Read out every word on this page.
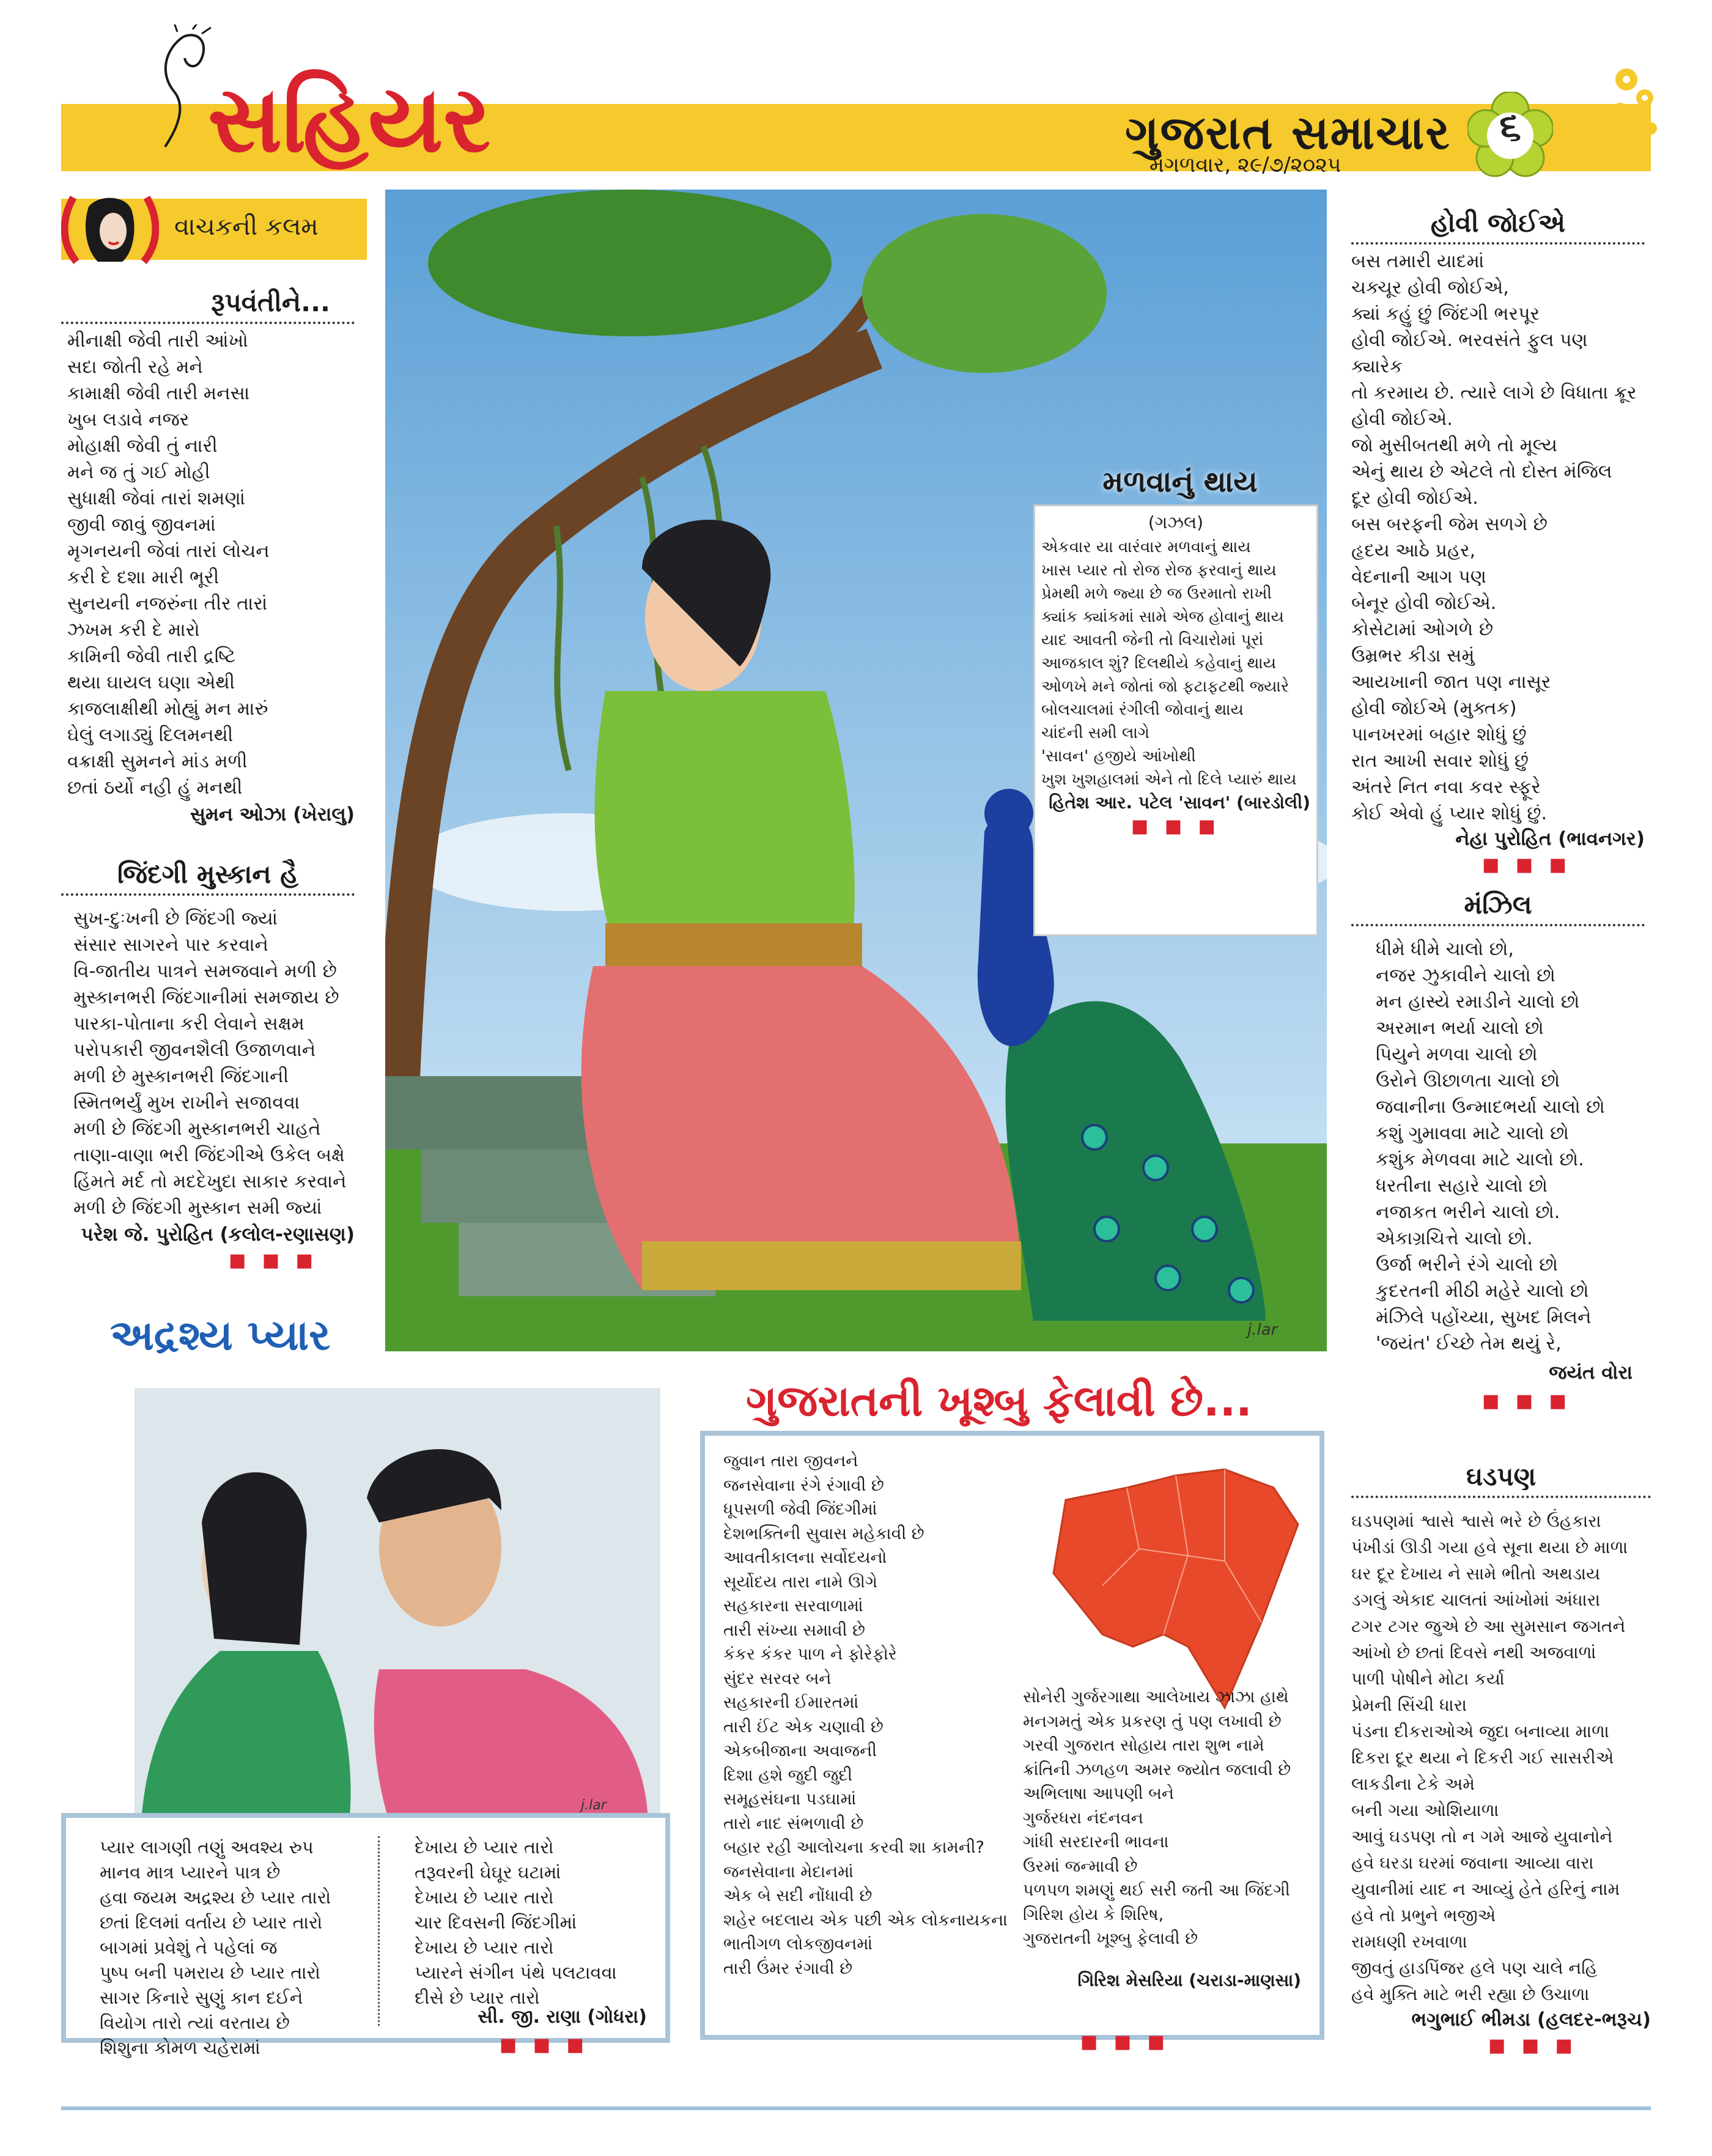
સહિયર	ગુજરાત સમાચાર
મંગળવાર, ૨૯/૭/૨૦૨૫
૬
વાચકની કલમ
રૂપવંતીને...
મીનાક્ષી જેવી તારી આંખો
સદા જોતી રહે મને
કામાક્ષી જેવી તારી મનસા
ખુબ લડાવે નજર
મોહાક્ષી જેવી તું નારી
મને જ તું ગઈ મોહી
સુધાક્ષી જેવાં તારાં શમણાં
જીવી જાવું જીવનમાં
મૃગનયની જેવાં તારાં લોચન
કરી દે દશા મારી ભૂરી
સુનયની નજરુંના તીર તારાં
ઝખમ કરી દે મારો
કામિની જેવી તારી દ્રષ્ટિ
થયા ઘાયલ ઘણા એથી
કાજલાક્ષીથી મોહ્યું મન મારું
ઘેલું લગાડ્યું દિલમનથી
વક્રાક્ષી સુમનને માંડ મળી
છતાં ઠર્યો નહી હું મનથી
સુમન ઓઝા (ખેરાલુ)
જિંદગી મુસ્કાન હૈ
સુખ-દુઃખની છે જિંદગી જ્યાં
સંસાર સાગરને પાર કરવાને
વિ-જાતીય પાત્રને સમજવાને મળી છે
મુસ્કાનભરી જિંદગાનીમાં સમજાય છે
પારકા-પોતાના કરી લેવાને સક્ષમ
પરોપકારી જીવનશૈલી ઉજાળવાને
મળી છે મુસ્કાનભરી જિંદગાની
સ્મિતભર્યું મુખ રાખીને સજાવવા
મળી છે જિંદગી મુસ્કાનભરી ચાહતે
તાણા-વાણા ભરી જિંદગીએ ઉકેલ બક્ષે
હિંમતે મર્દ તો મદદેખુદા સાકાર કરવાને
મળી છે જિંદગી મુસ્કાન સમી જ્યાં
પરેશ જે. પુરોહિત (કલોલ-રણાસણ)
■ ■ ■
અદ્રશ્ય પ્યાર	j.lar
મળવાનું થાય
(ગઝલ)
એકવાર યા વારંવાર મળવાનું થાય
ખાસ પ્યાર તો રોજ રોજ ફરવાનું થાય
પ્રેમથી મળે જ્યા છે જ ઉરમાતો રાખી
ક્યાંક ક્યાંકમાં સામે એજ હોવાનું થાય
યાદ આવતી જેની તો વિચારોમાં પૂરાં
આજકાલ શું? દિલથીયે કહેવાનું થાય
ઓળખે મને જોતાં જો ફટાફટથી જ્યારે
બોલચાલમાં રંગીલી જોવાનું થાય
ચાંદની સમી લાગે
'સાવન' હજીયે આંખોથી
ખુશ ખુશહાલમાં એને તો દિલે પ્યારું થાય
હિતેશ આર. પટેલ 'સાવન' (બારડોલી)
■ ■ ■
હોવી જોઈએ
બસ તમારી યાદમાં
ચક્ચૂર હોવી જોઈએ,
ક્યાં કહું છું જિંદગી ભરપૂર
હોવી જોઈએ. ભરવસંતે ફુલ પણ ક્યારેક
તો કરમાય છે. ત્યારે લાગે છે વિધાતા ક્રૂર
હોવી જોઈએ.
જો મુસીબતથી મળે તો મૂલ્ય
એનું થાય છે એટલે તો દોસ્ત મંજિલ
દૂર હોવી જોઈએ.
બસ બરફની જેમ સળગે છે
હૃદય આઠે પ્રહર,
વેદનાની આગ પણ
બેનૂર હોવી જોઈએ.
કોસેટામાં ઓગળે છે
ઉમ્રભર કીડા સમું
આયખાની જાત પણ નાસૂર
હોવી જોઈએ (મુક્તક)
પાનખરમાં બહાર શોધું છું
રાત આખી સવાર શોધું છું
અંતરે નિત નવા કવર સ્ફૂરે
કોઈ એવો હું પ્યાર શોધું છું.
નેહા પુરોહિત (ભાવનગર)
■ ■ ■
મંઝિલ
ધીમે ધીમે ચાલો છો,
નજર ઝુકાવીને ચાલો છો
મન હાસ્યે રમાડીને ચાલો છો
અરમાન ભર્યા ચાલો છો
પિયુને મળવા ચાલો છો
ઉરોને ઊછાળતા ચાલો છો
જવાનીના ઉન્માદભર્યા ચાલો છો
કશું ગુમાવવા માટે ચાલો છો
કશુંક મેળવવા માટે ચાલો છો.
ધરતીના સહારે ચાલો છો
નજાકત ભરીને ચાલો છો.
એકાગ્રચિત્તે ચાલો છો.
ઉર્જા ભરીને રંગે ચાલો છો
કુદરતની મીઠી મહેરે ચાલો છો
મંઝિલે પહોંચ્યા, સુખદ મિલને
'જયંત' ઈચ્છે તેમ થયું રે,
જયંત વોરા
■ ■ ■
ઘડપણ
ઘડપણમાં શ્વાસે શ્વાસે ભરે છે ઉંહકારા
પંખીડાં ઊડી ગયા હવે સૂના થયા છે માળા
ઘર દૂર દેખાય ને સામે ભીતો અથડાય
ડગલું એકાદ ચાલતાં આંખોમાં અંધારા
ટગર ટગર જુએ છે આ સુમસાન જગતને
આંખો છે છતાં દિવસે નથી અજવાળાં
પાળી પોષીને મોટા કર્યા
પ્રેમની સિંચી ધારા
પંડના દીકરાઓએ જુદા બનાવ્યા માળા
દિકરા દૂર થયા ને દિકરી ગઈ સાસરીએ
લાકડીના ટેકે અમે
બની ગયા ઓશિયાળા
આવું ઘડપણ તો ન ગમે આજે યુવાનોને
હવે ઘરડા ઘરમાં જવાના આવ્યા વારા
યુવાનીમાં યાદ ન આવ્યું હેતે હરિનું નામ
હવે તો પ્રભુને ભજીએ
રામધણી રખવાળા
જીવતું હાડપિંજર હલે પણ ચાલે નહિ
હવે મુક્તિ માટે ભરી રહ્યા છે ઉચાળા
ભગુભાઈ ભીમડા (હલદર-ભરૂચ)
■ ■ ■
j.lar
પ્યાર લાગણી તણું અવશ્ય રુપ
માનવ માત્ર પ્યારને પાત્ર છે
હવા જયમ અદ્રશ્ય છે પ્યાર તારો
છતાં દિલમાં વર્તાય છે પ્યાર તારો
બાગમાં પ્રવેશું તે પહેલાં જ
પુષ્પ બની પમરાય છે પ્યાર તારો
સાગર કિનારે સુણું કાન દઈને
વિયોગ તારો ત્યાં વરતાય છે
શિશુના કોમળ ચહેરામાં
દેખાય છે પ્યાર તારો
તરૂવરની ઘેઘૂર ઘટામાં
દેખાય છે પ્યાર તારો
ચાર દિવસની જિંદગીમાં
દેખાય છે પ્યાર તારો
પ્યારને સંગીન પંથે પલટાવવા
દીસે છે પ્યાર તારો
સી. જી. રાણા (ગોધરા)
■ ■ ■
ગુજરાતની ખૂશ્બુ ફેલાવી છે...
જુવાન તારા જીવનને
જનસેવાના રંગે રંગાવી છે
ધૂપસળી જેવી જિંદગીમાં
દેશભક્તિની સુવાસ મહેકાવી છે
આવતીકાલના સર્વોદયનો
સૂર્યોદય તારા નામે ઊગે
સહકારના સરવાળામાં
તારી સંખ્યા સમાવી છે
કંકર કંકર પાળ ને ફોરેફોરે
સુંદર સરવર બને
સહકારની ઈમારતમાં
તારી ઈંટ એક ચણાવી છે
એકબીજાના અવાજની
દિશા હશે જુદી જુદી
સમૂહસંઘના પડઘામાં
તારો નાદ સંભળાવી છે
બહાર રહી આલોચના કરવી શા કામની?
જનસેવાના મેદાનમાં
એક બે સદી નોંધાવી છે
શહેર બદલાય એક પછી એક લોકનાયકના
ભાતીગળ લોકજીવનમાં
તારી ઉંમર રંગાવી છે
સોનેરી ગુર્જરગાથા આલેખાય ઝાઝા હાથે
મનગમતું એક પ્રકરણ તું પણ લખાવી છે
ગરવી ગુજરાત સોહાય તારા શુભ નામે
ક્રાંતિની ઝળહળ અમર જ્યોત જલાવી છે
અભિલાષા આપણી બને
ગુર્જરધરા નંદનવન
ગાંધી સરદારની ભાવના
ઉરમાં જન્માવી છે
પળપળ શમણું થઈ સરી જતી આ જિંદગી
ગિરિશ હોય કે શિરિષ,
ગુજરાતની ખૂશ્બુ ફેલાવી છે
ગિરિશ મેસરિયા (ચરાડા-માણસા)
■ ■ ■
